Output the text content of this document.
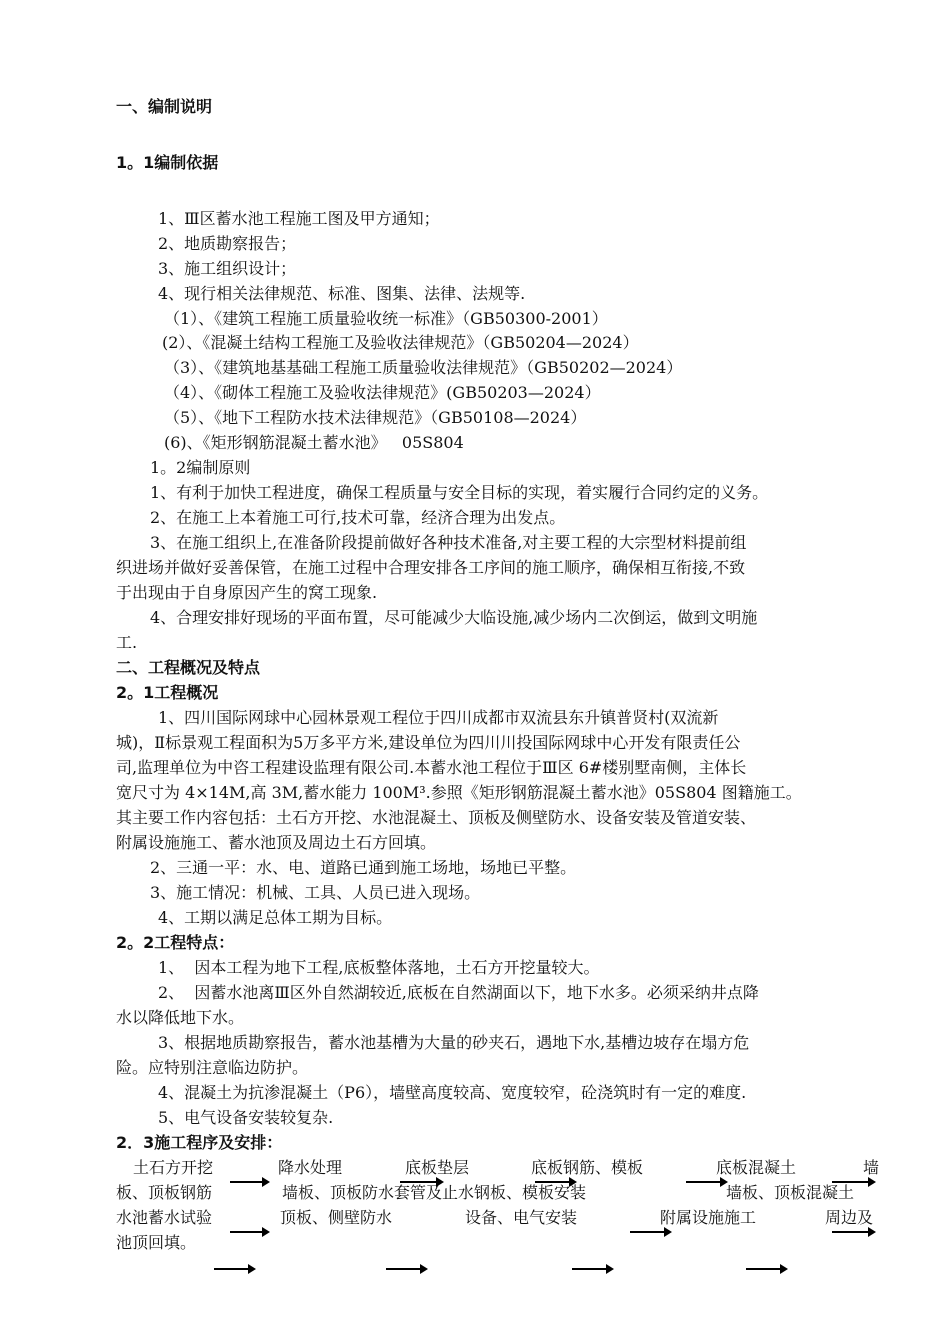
一、编制说明
1。1编制依据
1、Ⅲ区蓄水池工程施工图及甲方通知；
2、地质勘察报告；
3、施工组织设计；
4、现行相关法律规范、标准、图集、法律、法规等.
（1）、《建筑工程施工质量验收统一标准》（GB50300-2001）
(2）、《混凝土结构工程施工及验收法律规范》（GB50204—2024）
（3）、《建筑地基基础工程施工质量验收法律规范》（GB50202—2024）
（4）、《砌体工程施工及验收法律规范》(GB50203—2024）
（5）、《地下工程防水技术法律规范》（GB50108—2024）
(6)、《矩形钢筋混凝土蓄水池》   05S804
1。2编制原则
1、有利于加快工程进度，确保工程质量与安全目标的实现，着实履行合同约定的义务。
2、在施工上本着施工可行,技术可靠，经济合理为出发点。
3、在施工组织上,在准备阶段提前做好各种技术准备,对主要工程的大宗型材料提前组
织进场并做好妥善保管，在施工过程中合理安排各工序间的施工顺序，确保相互衔接,不致
于出现由于自身原因产生的窝工现象.
4、合理安排好现场的平面布置，尽可能减少大临设施,减少场内二次倒运，做到文明施
工.
二、工程概况及特点
2。1工程概况
1、四川国际网球中心园林景观工程位于四川成都市双流县东升镇普贤村(双流新
城)，Ⅱ标景观工程面积为5万多平方米,建设单位为四川川投国际网球中心开发有限责任公
司,监理单位为中咨工程建设监理有限公司.本蓄水池工程位于Ⅲ区 6#楼别墅南侧，主体长
宽尺寸为 4×14M,高 3M,蓄水能力 100M³.参照《矩形钢筋混凝土蓄水池》05S804 图籍施工。
其主要工作内容包括：土石方开挖、水池混凝土、顶板及侧壁防水、设备安装及管道安装、
附属设施施工、蓄水池顶及周边土石方回填。
2、三通一平：水、电、道路已通到施工场地，场地已平整。
3、施工情况：机械、工具、人员已进入现场。
4、工期以满足总体工期为目标。
2。2工程特点：
1、  因本工程为地下工程,底板整体落地，土石方开挖量较大。
2、  因蓄水池离Ⅲ区外自然湖较近,底板在自然湖面以下，地下水多。必须采纳井点降
水以降低地下水。
3、根据地质勘察报告，蓄水池基槽为大量的砂夹石，遇地下水,基槽边坡存在塌方危
险。应特别注意临边防护。
4、混凝土为抗渗混凝土（P6），墙壁高度较高、宽度较窄，砼浇筑时有一定的难度.
5、电气设备安装较复杂.
2．3施工程序及安排：
土石方开挖	降水处理	底板垫层	底板钢筋、模板	底板混凝土	墙
板、顶板钢筋	墙板、顶板防水套管及止水钢板、模板安装	墙板、顶板混凝土
水池蓄水试验	顶板、侧壁防水	设备、电气安装	附属设施施工	周边及
池顶回填。
